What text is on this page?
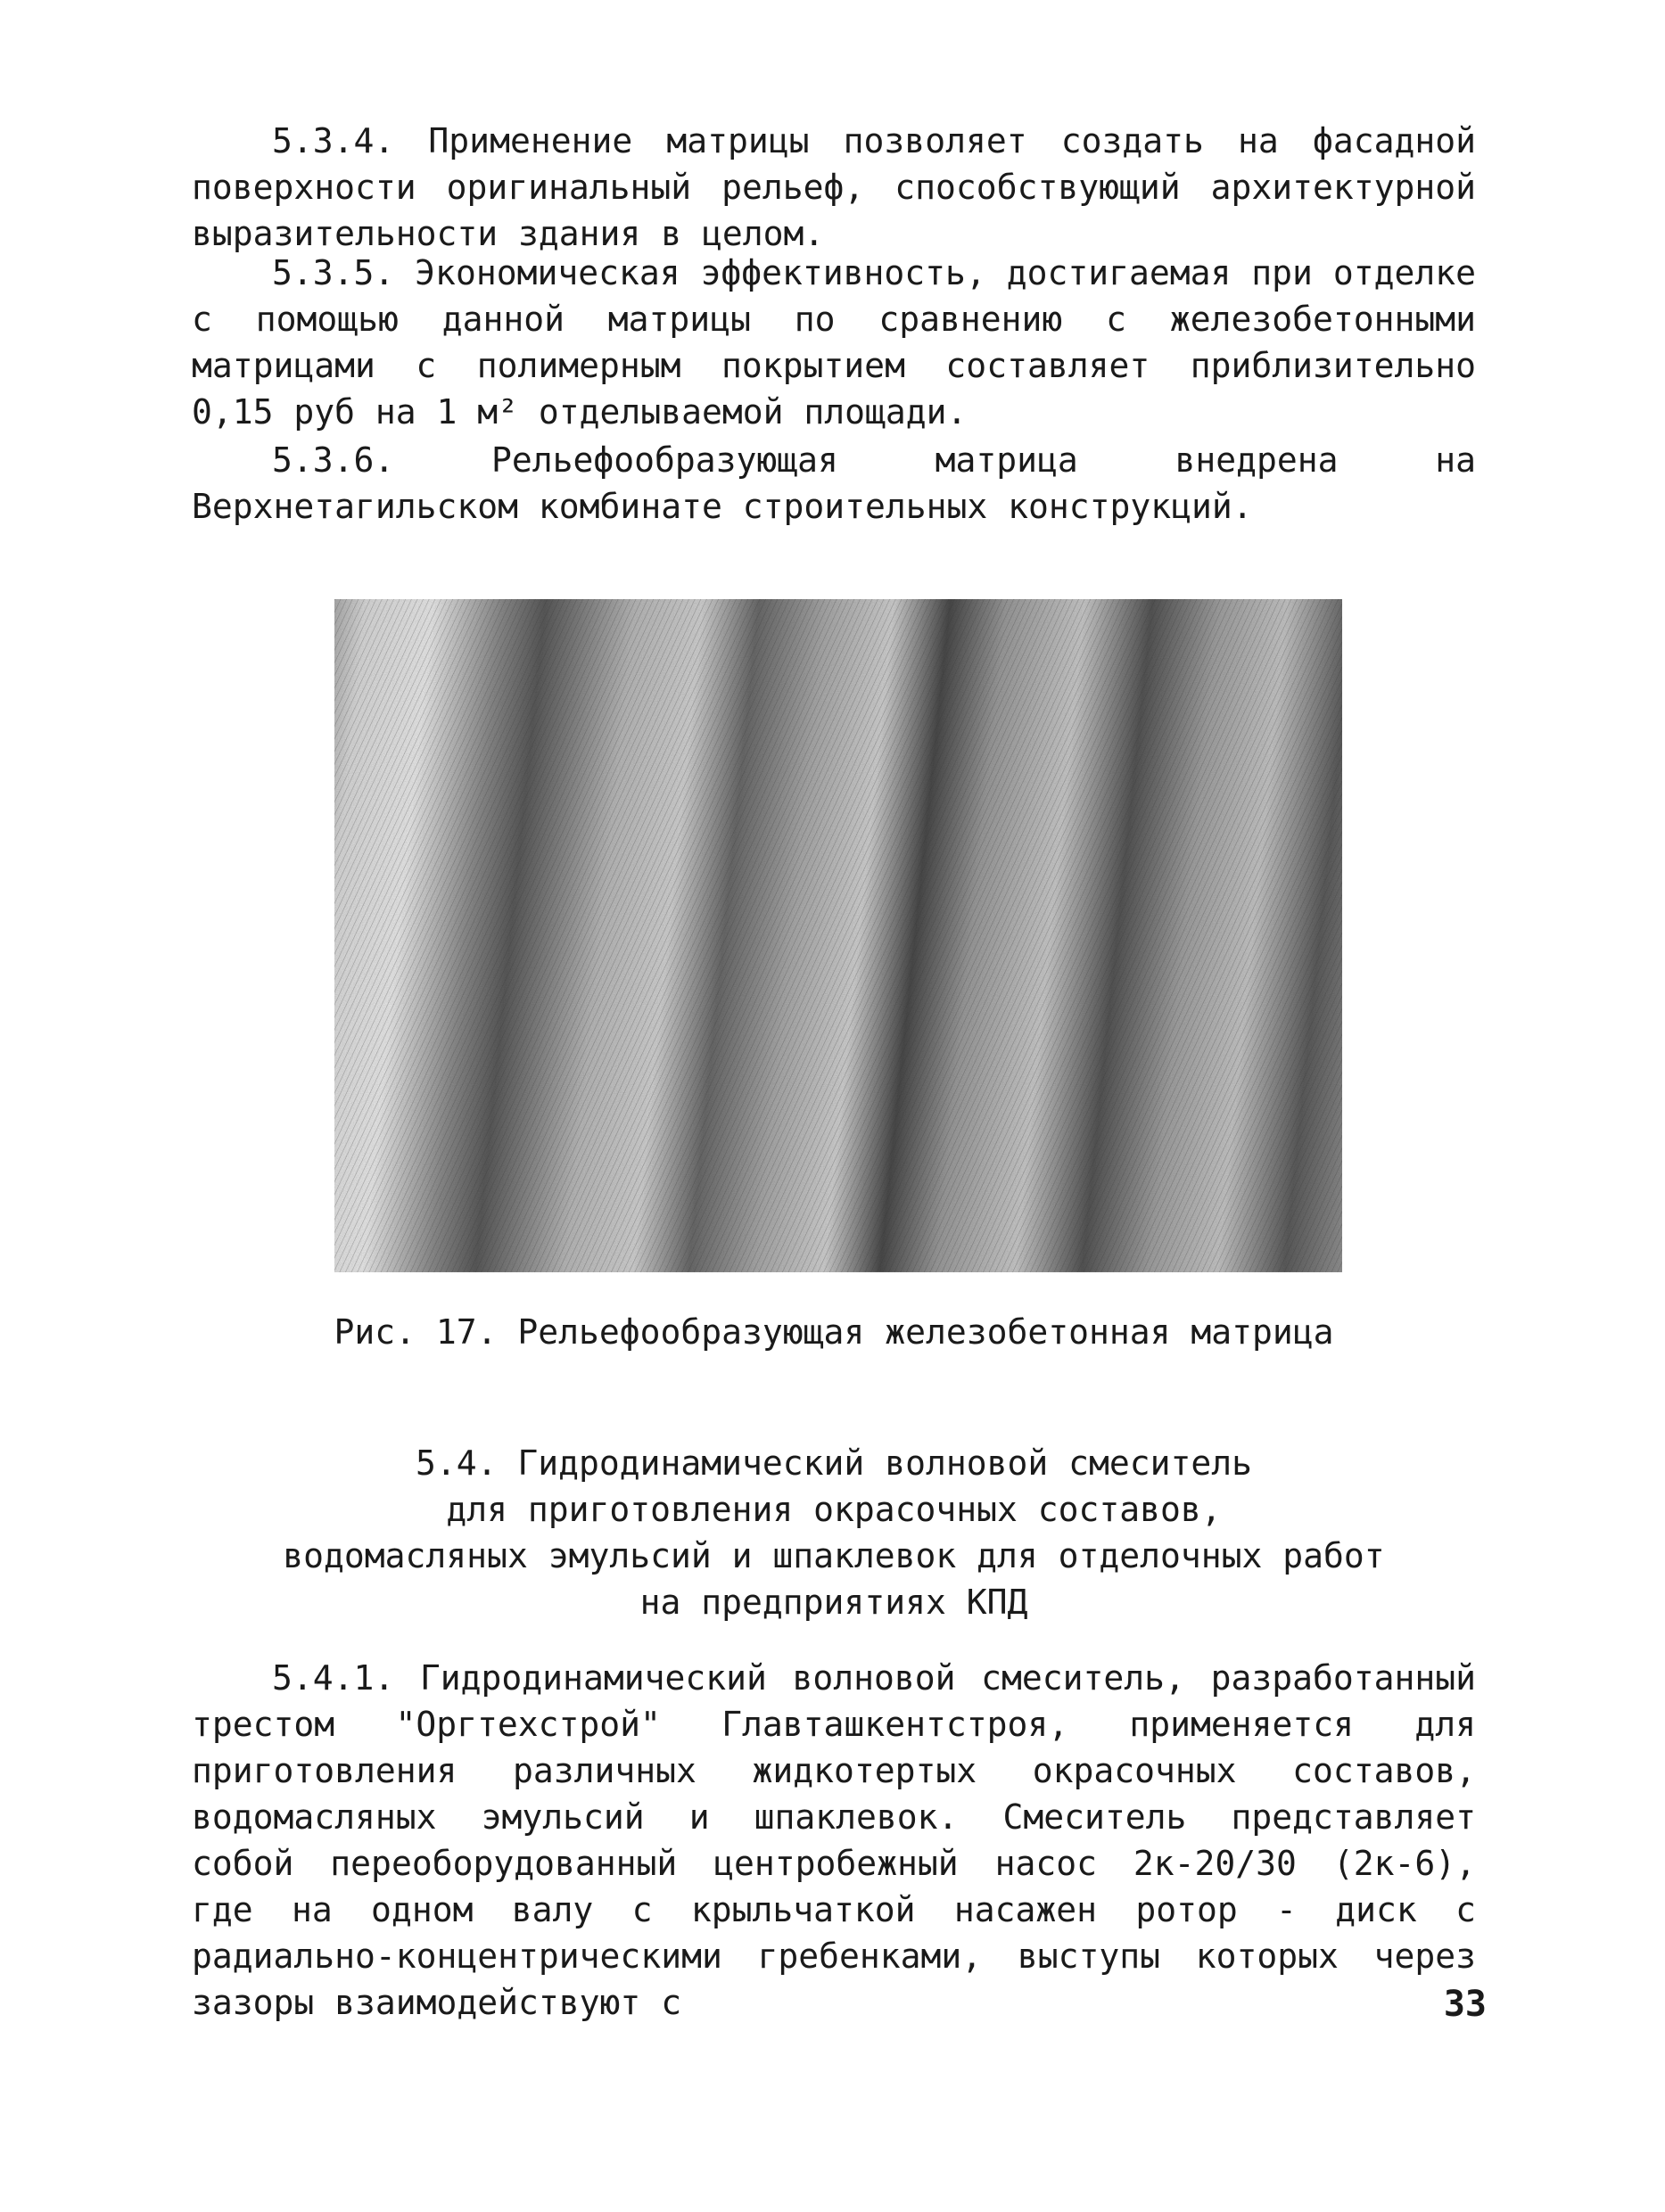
5.3.4. Применение матрицы позволяет создать на фасадной поверхности оригинальный рельеф, способствующий архитектурной выразительности здания в целом.

5.3.5. Экономическая эффективность, достигаемая при отделке с помощью данной матрицы по сравнению с железобетонными матрицами с полимерным покрытием составляет приблизительно 0,15 руб на 1 м² отделываемой площади.

5.3.6. Рельефообразующая матрица внедрена на Верхнетагильском комбинате строительных конструкций.

Рис. 17. Рельефообразующая железобетонная матрица

5.4. Гидродинамический волновой смеситель
для приготовления окрасочных составов,
водомасляных эмульсий и шпаклевок для отделочных работ
на предприятиях КПД

5.4.1. Гидродинамический волновой смеситель, разработанный трестом "Оргтехстрой" Главташкентстроя, применяется для приготовления различных жидкотертых окрасочных составов, водомасляных эмульсий и шпаклевок. Смеситель представляет собой переоборудованный центробежный насос 2к-20/30 (2к-6), где на одном валу с крыльчаткой насажен ротор - диск с радиально-концентрическими гребенками, выступы которых через зазоры взаимодействуют с	33
